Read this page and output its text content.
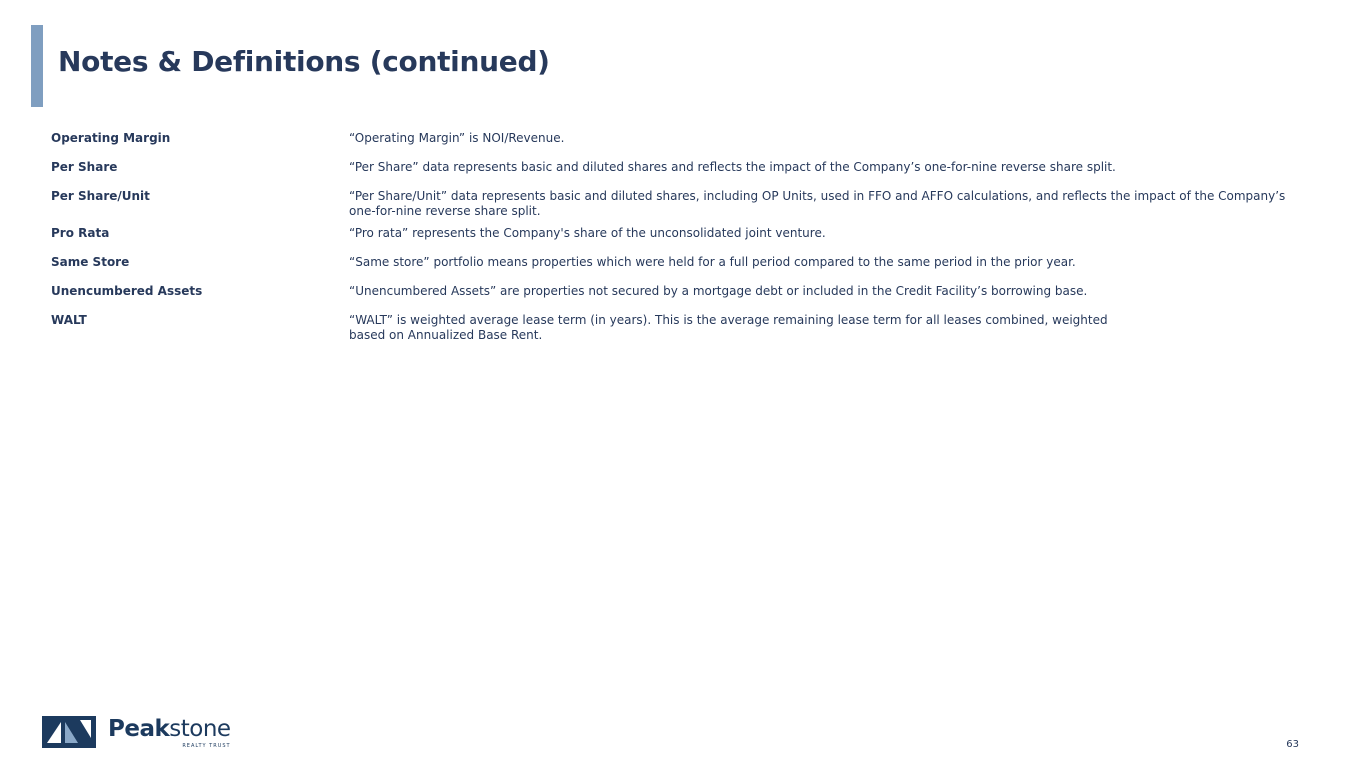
Notes & Definitions (continued)
Operating Margin	“Operating Margin” is NOI/Revenue.
Per Share	“Per Share” data represents basic and diluted shares and reflects the impact of the Company’s one-for-nine reverse share split.
Per Share/Unit	“Per Share/Unit” data represents basic and diluted shares, including OP Units, used in FFO and AFFO calculations, and reflects the impact of the Company’s one-for-nine reverse share split.
Pro Rata	“Pro rata” represents the Company's share of the unconsolidated joint venture.
Same Store	“Same store” portfolio means properties which were held for a full period compared to the same period in the prior year.
Unencumbered Assets	“Unencumbered Assets” are properties not secured by a mortgage debt or included in the Credit Facility’s borrowing base.
WALT	“WALT” is weighted average lease term (in years). This is the average remaining lease term for all leases combined, weighted
based on Annualized Base Rent.
Peakstone
REALTY TRUST	63
